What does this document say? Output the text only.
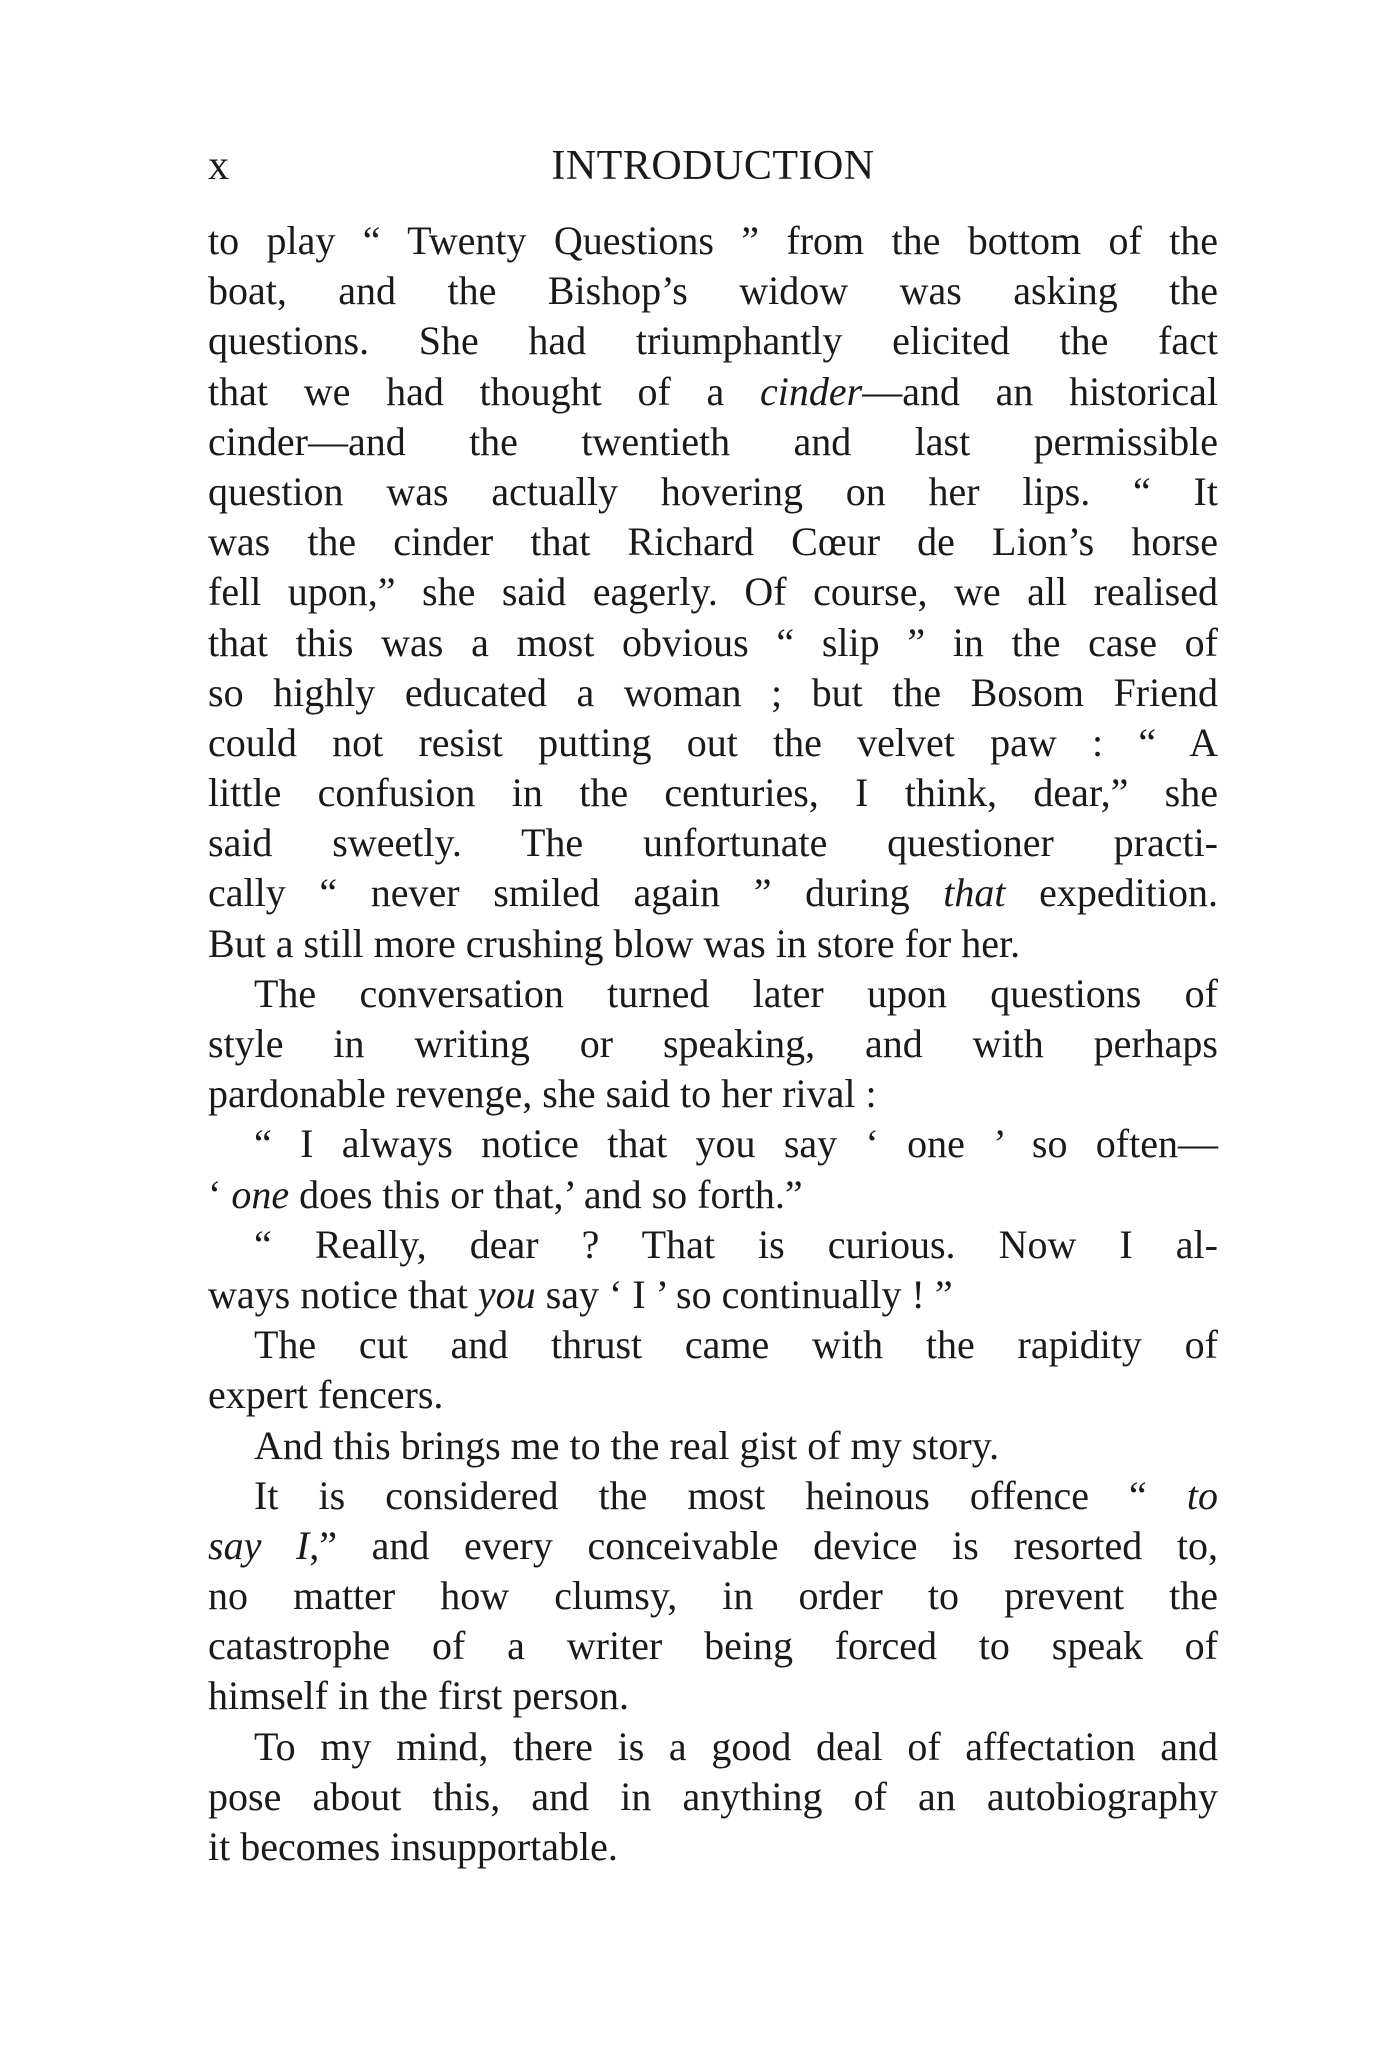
x	INTRODUCTION
to play “ Twenty Questions ” from the bottom of the
boat, and the Bishop’s widow was asking the
questions. She had triumphantly elicited the fact
that we had thought of a cinder—and an historical
cinder—and the twentieth and last permissible
question was actually hovering on her lips. “ It
was the cinder that Richard Cœur de Lion’s horse
fell upon,” she said eagerly. Of course, we all realised
that this was a most obvious “ slip ” in the case of
so highly educated a woman ; but the Bosom Friend
could not resist putting out the velvet paw : “ A
little confusion in the centuries, I think, dear,” she
said sweetly. The unfortunate questioner practi-
cally “ never smiled again ” during that expedition.
But a still more crushing blow was in store for her.
The conversation turned later upon questions of
style in writing or speaking, and with perhaps
pardonable revenge, she said to her rival :
“ I always notice that you say ‘ one ’ so often—
‘ one does this or that,’ and so forth.”
“ Really, dear ? That is curious. Now I al-
ways notice that you say ‘ I ’ so continually ! ”
The cut and thrust came with the rapidity of
expert fencers.
And this brings me to the real gist of my story.
It is considered the most heinous offence “ to
say I,” and every conceivable device is resorted to,
no matter how clumsy, in order to prevent the
catastrophe of a writer being forced to speak of
himself in the first person.
To my mind, there is a good deal of affectation and
pose about this, and in anything of an autobiography
it becomes insupportable.
